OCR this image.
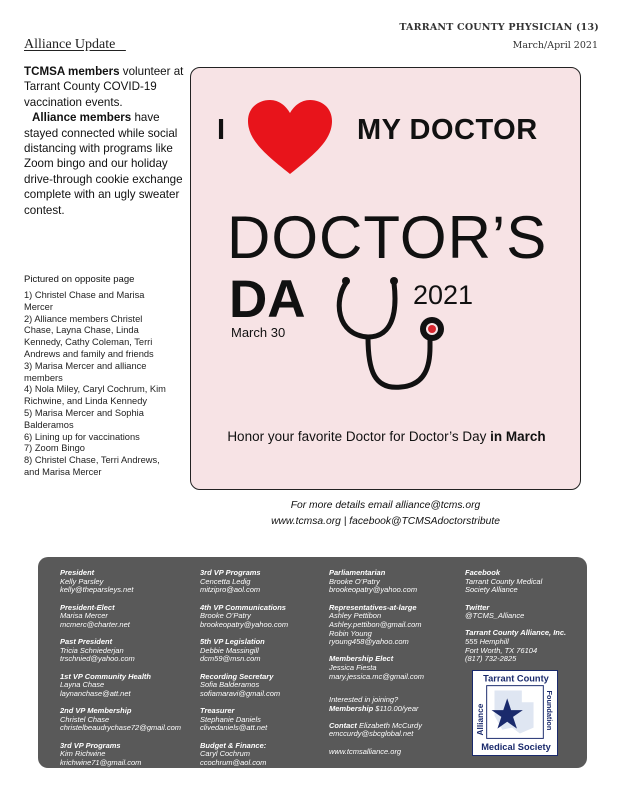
Alliance Update
TARRANT COUNTY PHYSICIAN (13)
March/April 2021

TCMSA members volunteer at Tarrant County COVID-19 vaccination events.

Alliance members have stayed connected while social distancing with programs like Zoom bingo and our holiday drive-through cookie exchange complete with an ugly sweater contest.

Pictured on opposite page
1) Christel Chase and Marisa Mercer
2) Alliance members Christel Chase, Layna Chase, Linda Kennedy, Cathy Coleman, Terri Andrews and family and friends
3) Marisa Mercer and alliance members
4) Nola Miley, Caryl Cochrum, Kim Richwine, and Linda Kennedy
5) Marisa Mercer and Sophia Balderamos
6) Lining up for vaccinations
7) Zoom Bingo
8) Christel Chase, Terri Andrews, and Marisa Mercer
I	MY DOCTOR
DOCTOR’S
DA	2021
March 30
Honor your favorite Doctor for Doctor’s Day in March
For more details email alliance@tcms.org
www.tcmsa.org | facebook@TCMSAdoctorstribute

President

Kelly Parsley

kelly@theparsleys.net

President-Elect

Marisa Mercer

mcmerc@charter.net

Past President

Tricia Schniederjan

trschnied@yahoo.com

1st VP Community Health

Layna Chase

laynanchase@att.net

2nd VP Membership

Christel Chase

christelbeaudrychase72@gmail.com

3rd VP Programs

Kim Richwine

krichwine71@gmail.com

3rd VP Programs

Cencetta Ledig

mitzipro@aol.com

4th VP Communications

Brooke O’Patry

brookeopatry@yahoo.com

5th VP Legislation

Debbie Massingill

dcm59@msn.com

Recording Secretary

Sofia Balderamos

sofiamaravi@gmail.com

Treasurer

Stephanie Daniels

clivedaniels@att.net

Budget & Finance:

Caryl Cochrum

ccochrum@aol.com

Parliamentarian

Brooke O’Patry

brookeopatry@yahoo.com

Representatives-at-large

Ashley Pettibon

Ashley.pettibon@gmail.com

Robin Young

ryoung458@yahoo.com

Membership Elect

Jessica Fiesta

mary.jessica.mc@gmail.com

Interested in joining?

Membership $110.00/year

Contact Elizabeth McCurdy

emccurdy@sbcglobal.net

www.tcmsalliance.org

Facebook

Tarrant County Medical

Society Alliance

Twitter

@TCMS_Alliance

Tarrant County Alliance, Inc.

555 Hemphill

Fort Worth, TX 76104

(817) 732-2825

Tarrant County
Medical Society
Alliance	Foundation
